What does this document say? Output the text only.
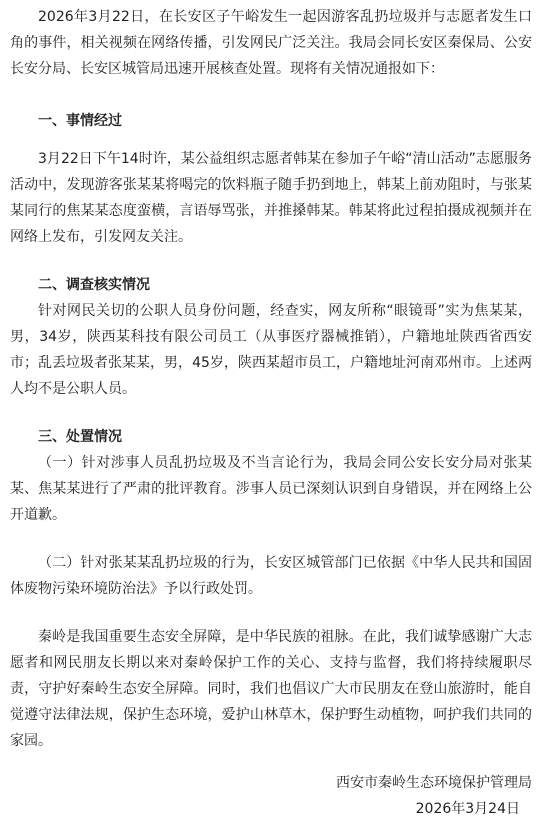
2026年3月22日，在长安区子午峪发生一起因游客乱扔垃圾并与志愿者发生口角的事件，相关视频在网络传播，引发网民广泛关注。我局会同长安区秦保局、公安长安分局、长安区城管局迅速开展核查处置。现将有关情况通报如下：

一、事情经过

3月22日下午14时许，某公益组织志愿者韩某在参加子午峪“清山活动”志愿服务活动中，发现游客张某某将喝完的饮料瓶子随手扔到地上，韩某上前劝阻时，与张某某同行的焦某某态度蛮横，言语辱骂张，并推搡韩某。韩某将此过程拍摄成视频并在网络上发布，引发网友关注。

二、调查核实情况

针对网民关切的公职人员身份问题，经查实，网友所称“眼镜哥”实为焦某某，男，34岁，陕西某科技有限公司员工（从事医疗器械推销），户籍地址陕西省西安市；乱丢垃圾者张某某，男，45岁，陕西某超市员工，户籍地址河南邓州市。上述两人均不是公职人员。

三、处置情况

（一）针对涉事人员乱扔垃圾及不当言论行为，我局会同公安长安分局对张某某、焦某某进行了严肃的批评教育。涉事人员已深刻认识到自身错误，并在网络上公开道歉。

（二）针对张某某乱扔垃圾的行为，长安区城管部门已依据《中华人民共和国固体废物污染环境防治法》予以行政处罚。

秦岭是我国重要生态安全屏障，是中华民族的祖脉。在此，我们诚挚感谢广大志愿者和网民朋友长期以来对秦岭保护工作的关心、支持与监督，我们将持续履职尽责，守护好秦岭生态安全屏障。同时，我们也倡议广大市民朋友在登山旅游时，能自觉遵守法律法规，保护生态环境，爱护山林草木，保护野生动植物，呵护我们共同的家园。

西安市秦岭生态环境保护管理局
2026年3月24日
